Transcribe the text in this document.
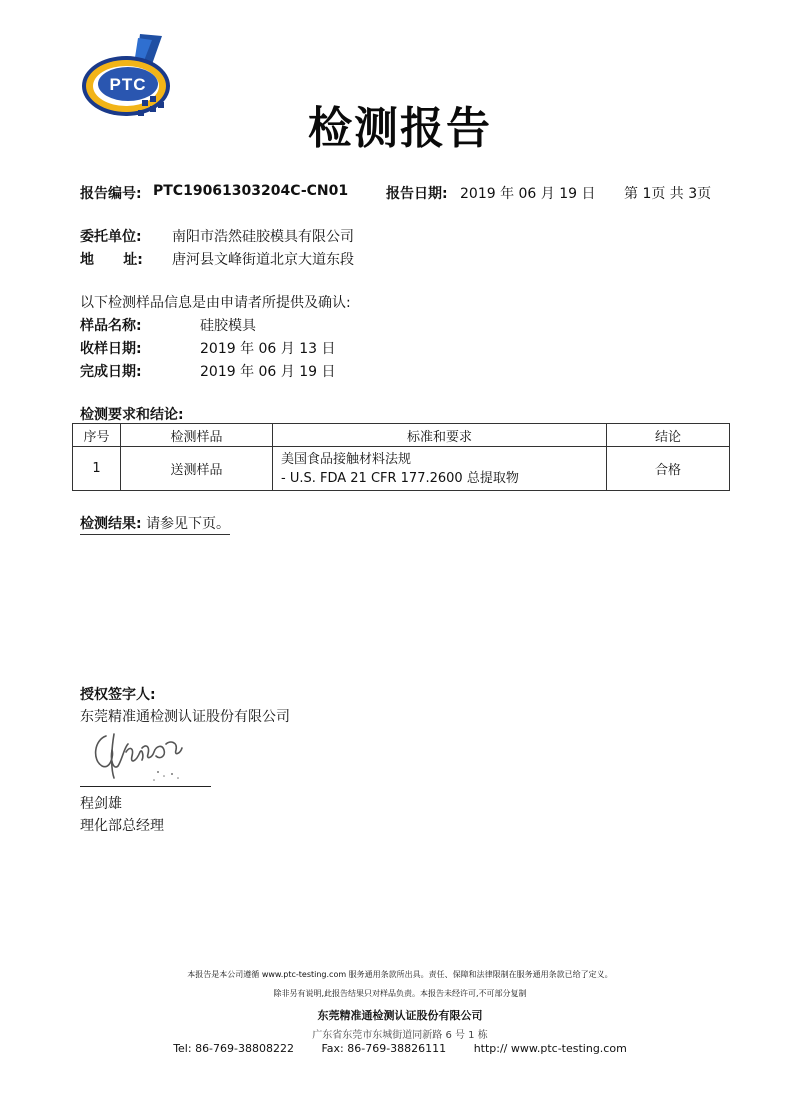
PTC
检测报告
报告编号: PTC19061303204C-CN01	报告日期: 2019 年 06 月 19 日 第 1页 共 3页
委托单位: 南阳市浩然硅胶模具有限公司
地      址: 唐河县文峰街道北京大道东段
以下检测样品信息是由申请者所提供及确认:
样品名称:	硅胶模具
收样日期:	2019 年 06 月 13 日
完成日期:	2019 年 06 月 19 日
检测要求和结论:
序号	检测样品	标准和要求	结论
1	送测样品	美国食品接触材料法规
- U.S. FDA 21 CFR 177.2600 总提取物	合格
检测结果: 请参见下页。
授权签字人:
东莞精准通检测认证股份有限公司
程剑雄
理化部总经理
本报告是本公司遵循 www.ptc-testing.com 服务通用条款所出具。责任、保障和法律限制在服务通用条款已给了定义。
除非另有说明,此报告结果只对样品负责。本报告未经许可,不可部分复制
东莞精准通检测认证股份有限公司
广东省东莞市东城街道同新路 6 号 1 栋
Tel: 86-769-38808222	Fax: 86-769-38826111	http:// www.ptc-testing.com
